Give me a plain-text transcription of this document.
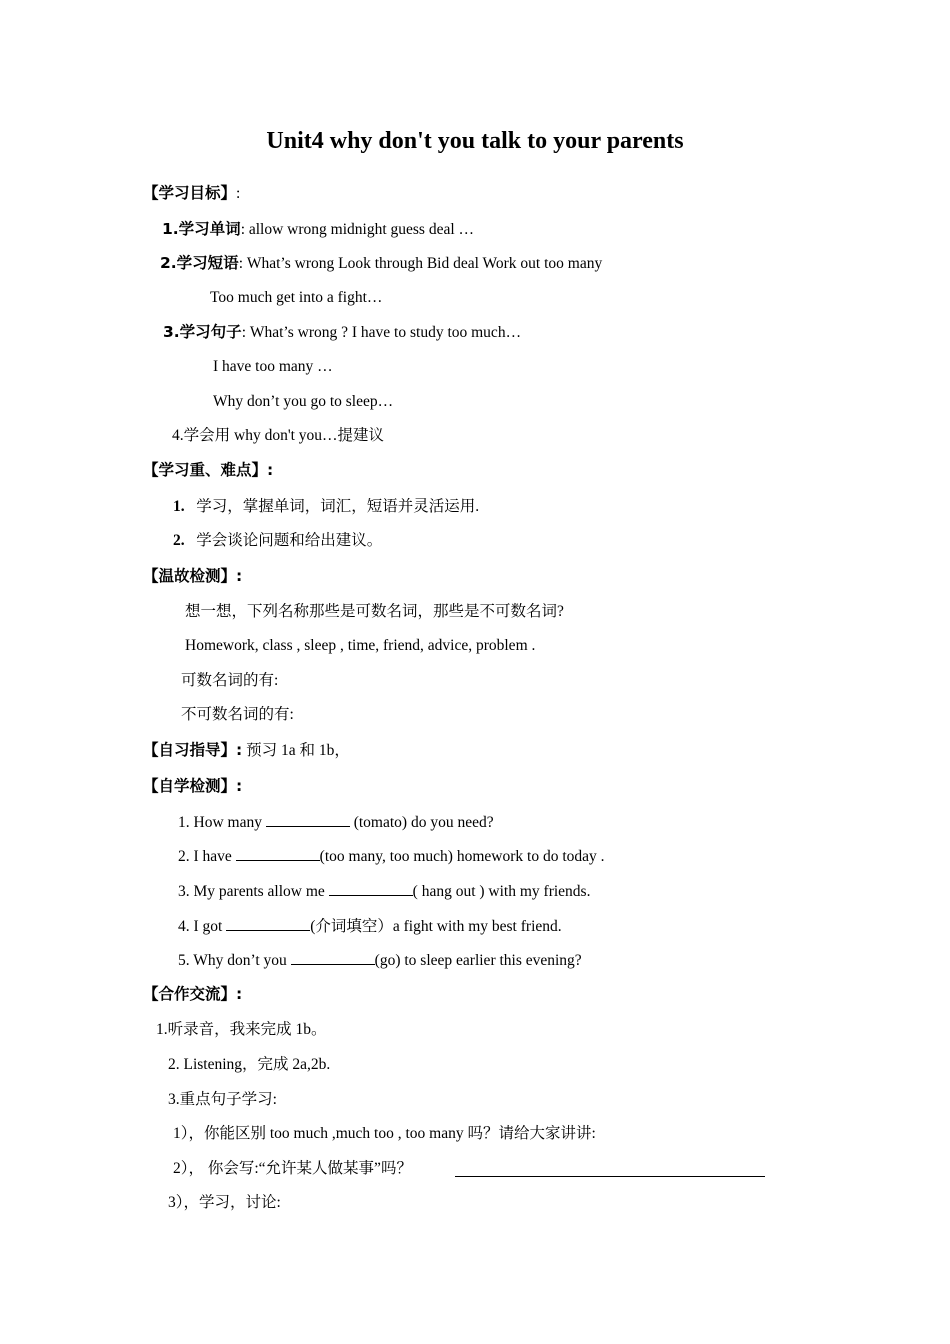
Unit4 why don't you talk to your parents
【学习目标】:
1.学习单词: allow wrong midnight guess deal …
2.学习短语: What’s wrong Look through Bid deal Work out too many
Too much get into a fight…
3.学习句子: What’s wrong ? I have to study too much…
I have too many …
Why don’t you go to sleep…
4.学会用 why don't you…提建议
【学习重、难点】:
1. 学习，掌握单词，词汇，短语并灵活运用.
2. 学会谈论问题和给出建议。
【温故检测】:
想一想，下列名称那些是可数名词，那些是不可数名词?
Homework, class , sleep , time, friend, advice, problem .
可数名词的有:
不可数名词的有:
【自习指导】: 预习 1a 和 1b，
【自学检测】:
1. How many	(tomato) do you need?
2. I have	(too many, too much) homework to do today .
3. My parents allow me	( hang out ) with my friends.
4. I got	(介词填空）a fight with my best friend.
5. Why don’t you	(go) to sleep earlier this evening?
【合作交流】:
1.听录音，我来完成 1b。
2. Listening，完成 2a,2b.
3.重点句子学习:
1），你能区别 too much ,much too , too many 吗？请给大家讲讲:
2）， 你会写:“允许某人做某事”吗？
3），学习，讨论:
